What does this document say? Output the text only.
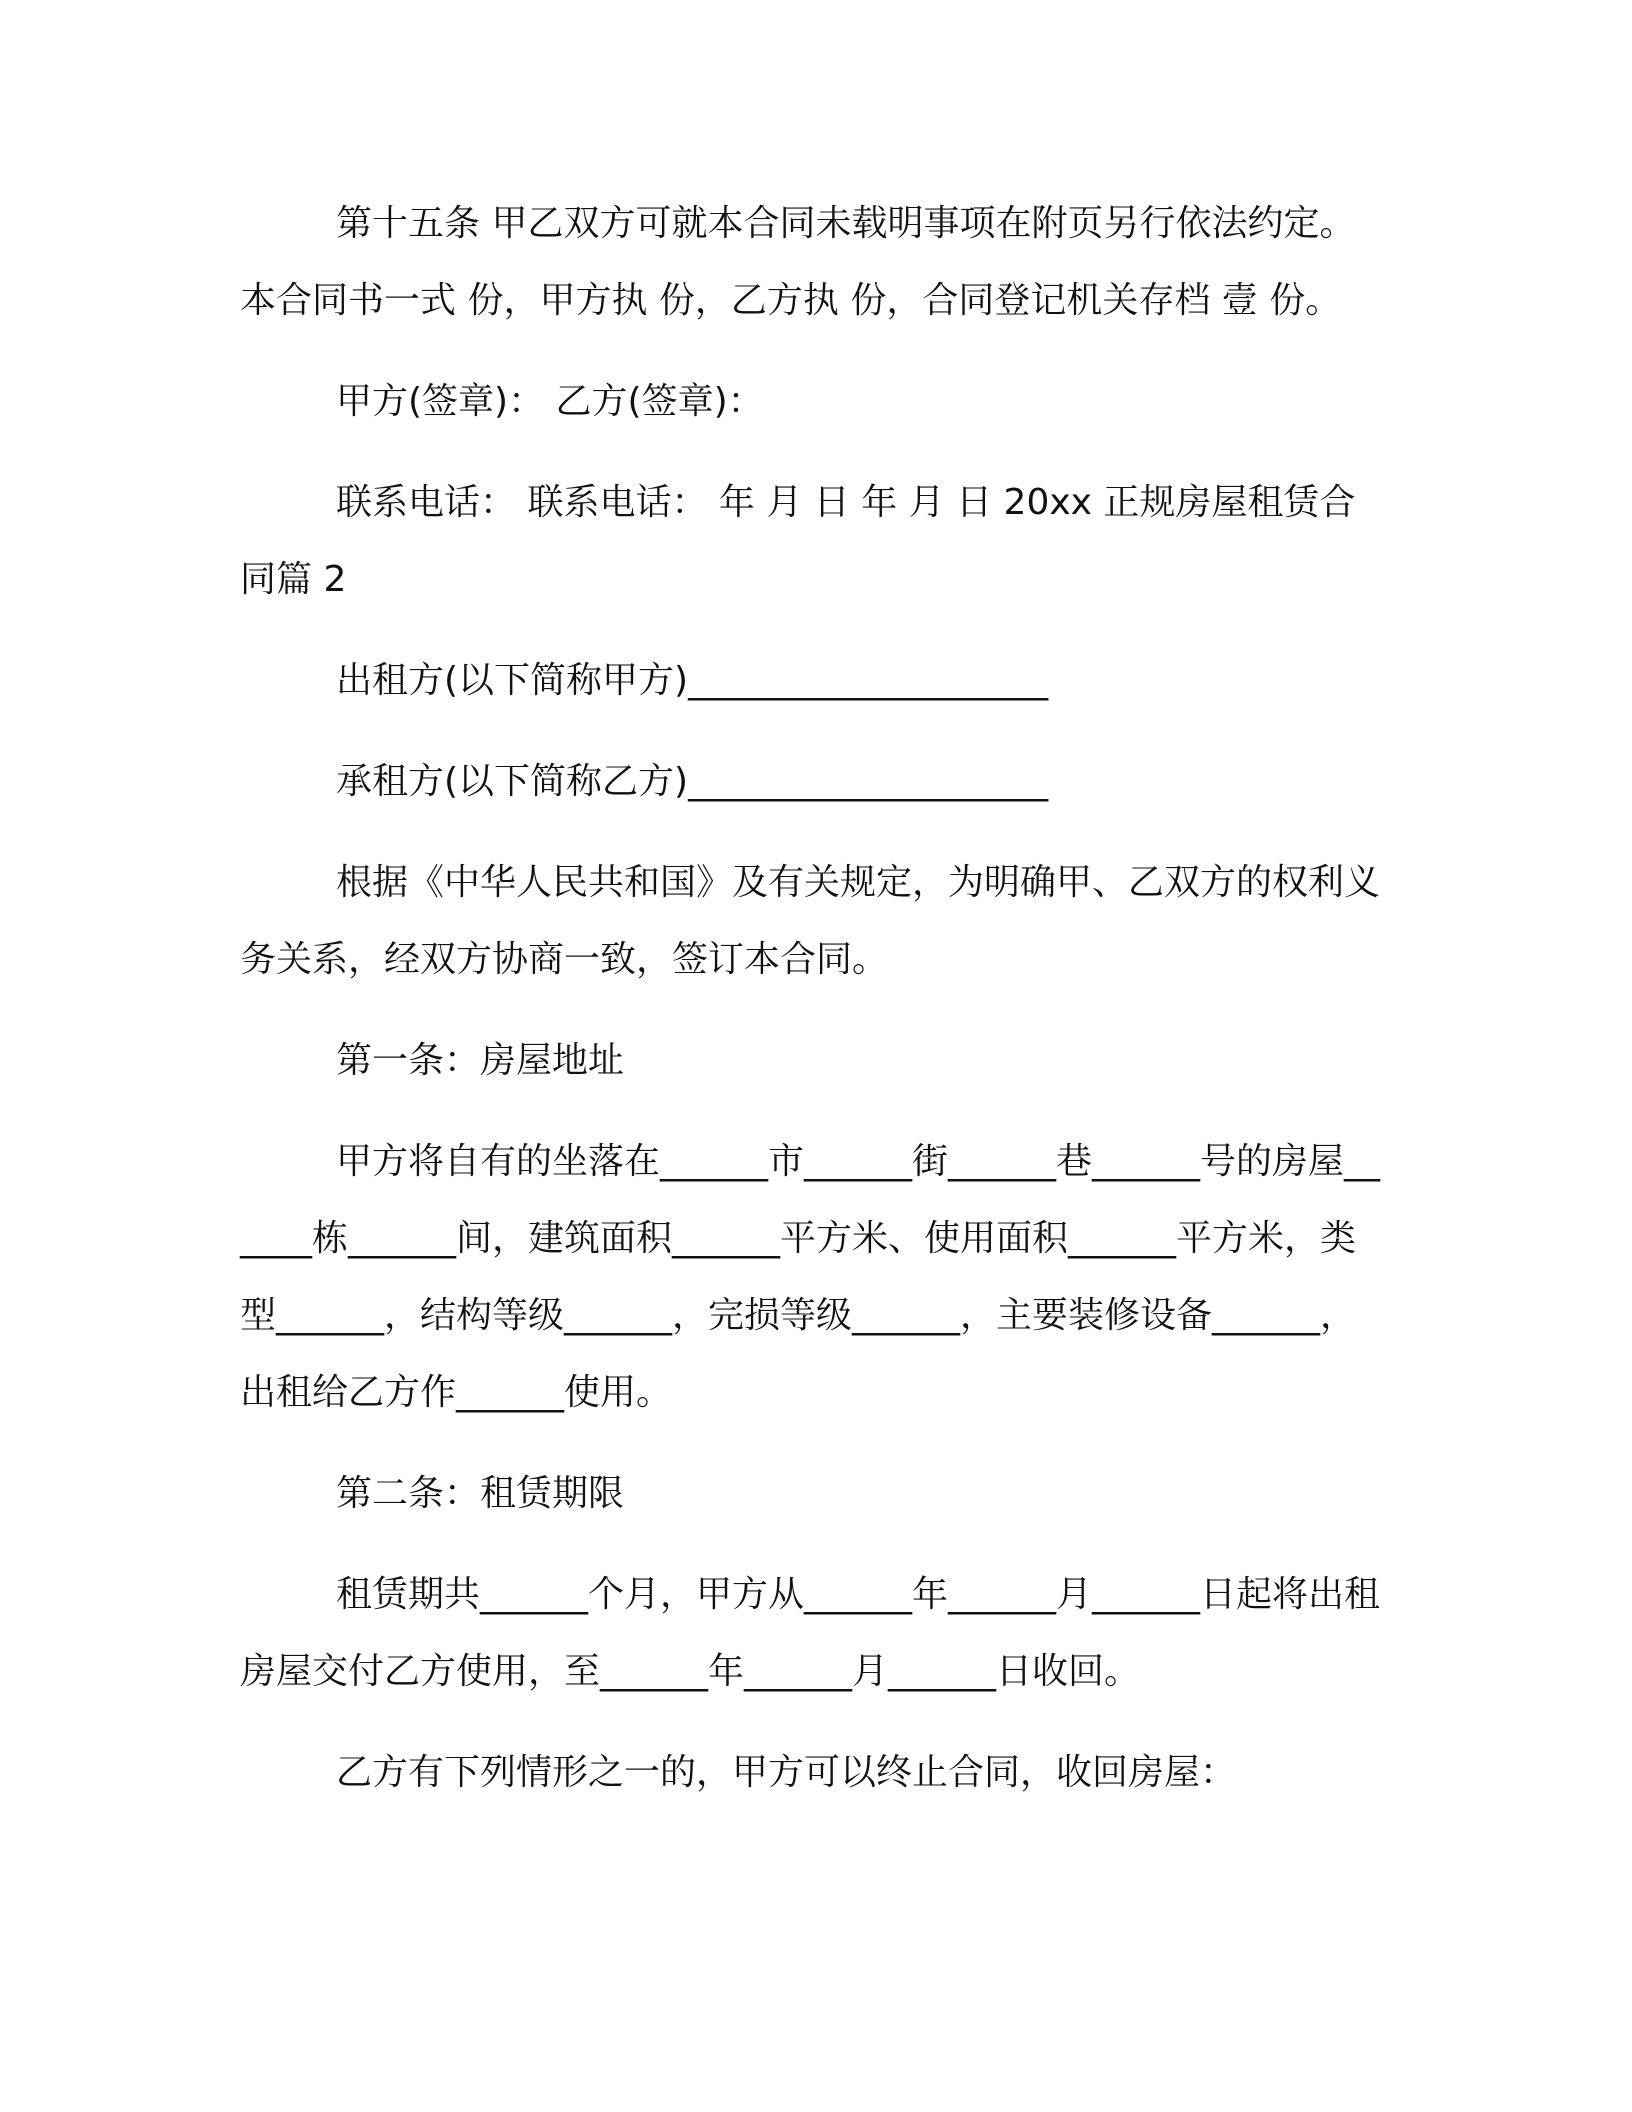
第十五条 甲乙双方可就本合同未载明事项在附页另行依法约定。本合同书一式 份，甲方执 份，乙方执 份，合同登记机关存档 壹 份。

甲方(签章)： 乙方(签章)：

联系电话： 联系电话： 年 月 日 年 月 日 20xx 正规房屋租赁合同篇 2

出租方(以下简称甲方)____________________

承租方(以下简称乙方)____________________

根据《中华人民共和国》及有关规定，为明确甲、乙双方的权利义务关系，经双方协商一致，签订本合同。

第一条：房屋地址

甲方将自有的坐落在______市______街______巷______号的房屋______栋______间，建筑面积______平方米、使用面积______平方米，类型______，结构等级______，完损等级______，主要装修设备______，出租给乙方作______使用。

第二条：租赁期限

租赁期共______个月，甲方从______年______月______日起将出租房屋交付乙方使用，至______年______月______日收回。

乙方有下列情形之一的，甲方可以终止合同，收回房屋：
